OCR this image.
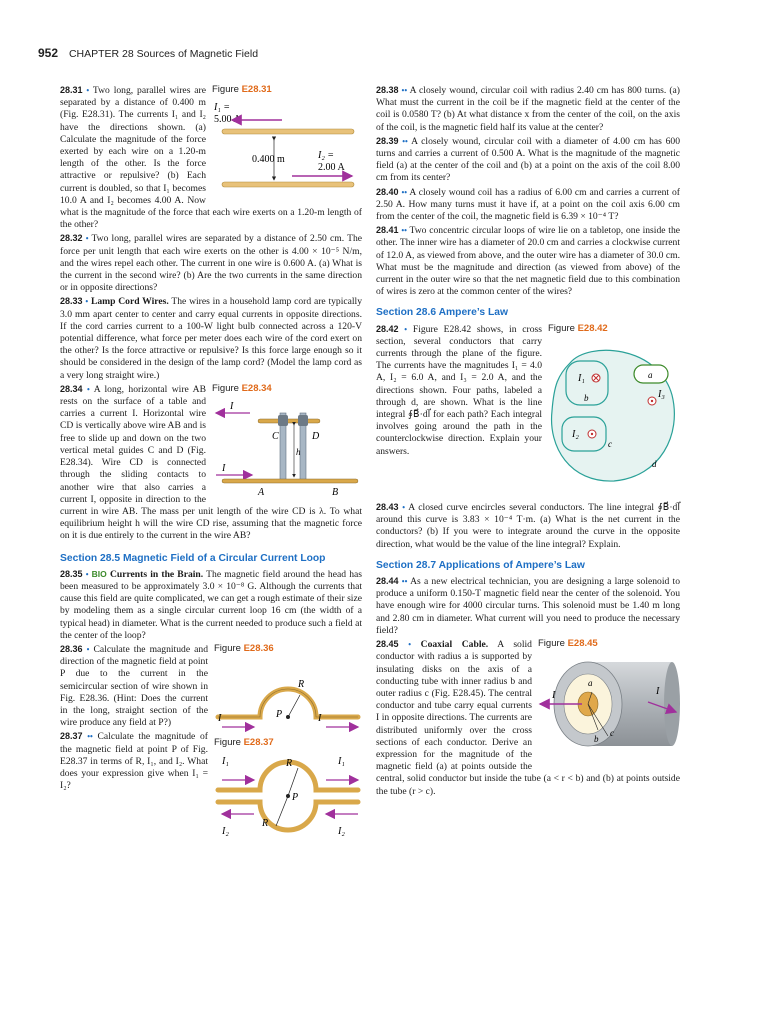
952 CHAPTER 28 Sources of Magnetic Field
Figure E28.31
I₁ =
5.00 A
0.400 m	I₂ =
2.00 A

28.31 • Two long, parallel wires are separated by a distance of 0.400 m (Fig. E28.31). The currents I₁ and I₂ have the directions shown. (a) Calculate the magnitude of the force exerted by each wire on a 1.20-m length of the other. Is the force attractive or repulsive? (b) Each current is doubled, so that I₁ becomes 10.0 A and I₂ becomes 4.00 A. Now what is the magnitude of the force that each wire exerts on a 1.20-m length of the other?

28.32 • Two long, parallel wires are separated by a distance of 2.50 cm. The force per unit length that each wire exerts on the other is 4.00 × 10⁻⁵ N/m, and the wires repel each other. The current in one wire is 0.600 A. (a) What is the current in the second wire? (b) Are the two currents in the same direction or in opposite directions?

28.33 • Lamp Cord Wires. The wires in a household lamp cord are typically 3.0 mm apart center to center and carry equal currents in opposite directions. If the cord carries current to a 100-W light bulb connected across a 120-V potential difference, what force per meter does each wire of the cord exert on the other? Is the force attractive or repulsive? Is this force large enough so it should be considered in the design of the lamp cord? (Model the lamp cord as a very long straight wire.)

Figure E28.34
I
C	D
h
I
A	B

28.34 • A long, horizontal wire AB rests on the surface of a table and carries a current I. Horizontal wire CD is vertically above wire AB and is free to slide up and down on the two vertical metal guides C and D (Fig. E28.34). Wire CD is connected through the sliding contacts to another wire that also carries a current I, opposite in direction to the current in wire AB. The mass per unit length of the wire CD is λ. To what equilibrium height h will the wire CD rise, assuming that the magnetic force on it is due entirely to the current in the wire AB?

Section 28.5 Magnetic Field of a Circular Current Loop

28.35 • BIO Currents in the Brain. The magnetic field around the head has been measured to be approximately 3.0 × 10⁻⁸ G. Although the currents that cause this field are quite complicated, we can get a rough estimate of their size by modeling them as a single circular current loop 16 cm (the width of a typical head) in diameter. What is the current needed to produce such a field at the center of the loop?

Figure E28.36
P
R
I	I
Figure E28.37
P
R
R
I₁	I₁
I₂	I₂

28.36 • Calculate the magnitude and direction of the magnetic field at point P due to the current in the semicircular section of wire shown in Fig. E28.36. (Hint: Does the current in the long, straight section of the wire produce any field at P?)

28.37 •• Calculate the magnitude of the magnetic field at point P of Fig. E28.37 in terms of R, I₁, and I₂. What does your expression give when I₁ = I₂?

28.38 •• A closely wound, circular coil with radius 2.40 cm has 800 turns. (a) What must the current in the coil be if the magnetic field at the center of the coil is 0.0580 T? (b) At what distance x from the center of the coil, on the axis of the coil, is the magnetic field half its value at the center?

28.39 •• A closely wound, circular coil with a diameter of 4.00 cm has 600 turns and carries a current of 0.500 A. What is the magnitude of the magnetic field (a) at the center of the coil and (b) at a point on the axis of the coil 8.00 cm from its center?

28.40 •• A closely wound coil has a radius of 6.00 cm and carries a current of 2.50 A. How many turns must it have if, at a point on the coil axis 6.00 cm from the center of the coil, the magnetic field is 6.39 × 10⁻⁴ T?

28.41 •• Two concentric circular loops of wire lie on a tabletop, one inside the other. The inner wire has a diameter of 20.0 cm and carries a clockwise current of 12.0 A, as viewed from above, and the outer wire has a diameter of 30.0 cm. What must be the magnitude and direction (as viewed from above) of the current in the outer wire so that the net magnetic field due to this combination of wires is zero at the common center of the wires?

Section 28.6 Ampere’s Law
Figure E28.42
I₁
b
I₂
c
a
I₃
d

28.42 • Figure E28.42 shows, in cross section, several conductors that carry currents through the plane of the figure. The currents have the magnitudes I₁ = 4.0 A, I₂ = 6.0 A, and I₃ = 2.0 A, and the directions shown. Four paths, labeled a through d, are shown. What is the line integral ∮B⃗·dl⃗ for each path? Each integral involves going around the path in the counterclockwise direction. Explain your answers.

28.43 • A closed curve encircles several conductors. The line integral ∮B⃗·dl⃗ around this curve is 3.83 × 10⁻⁴ T·m. (a) What is the net current in the conductors? (b) If you were to integrate around the curve in the opposite direction, what would be the value of the line integral? Explain.

Section 28.7 Applications of Ampere’s Law

28.44 •• As a new electrical technician, you are designing a large solenoid to produce a uniform 0.150-T magnetic field near the center of the solenoid. You have enough wire for 4000 circular turns. This solenoid must be 1.40 m long and 2.80 cm in diameter. What current will you need to produce the necessary field?

Figure E28.45
a
b
c
I	I

28.45 • Coaxial Cable. A solid conductor with radius a is supported by insulating disks on the axis of a conducting tube with inner radius b and outer radius c (Fig. E28.45). The central conductor and tube carry equal currents I in opposite directions. The currents are distributed uniformly over the cross sections of each conductor. Derive an expression for the magnitude of the magnetic field (a) at points outside the central, solid conductor but inside the tube (a < r < b) and (b) at points outside the tube (r > c).
